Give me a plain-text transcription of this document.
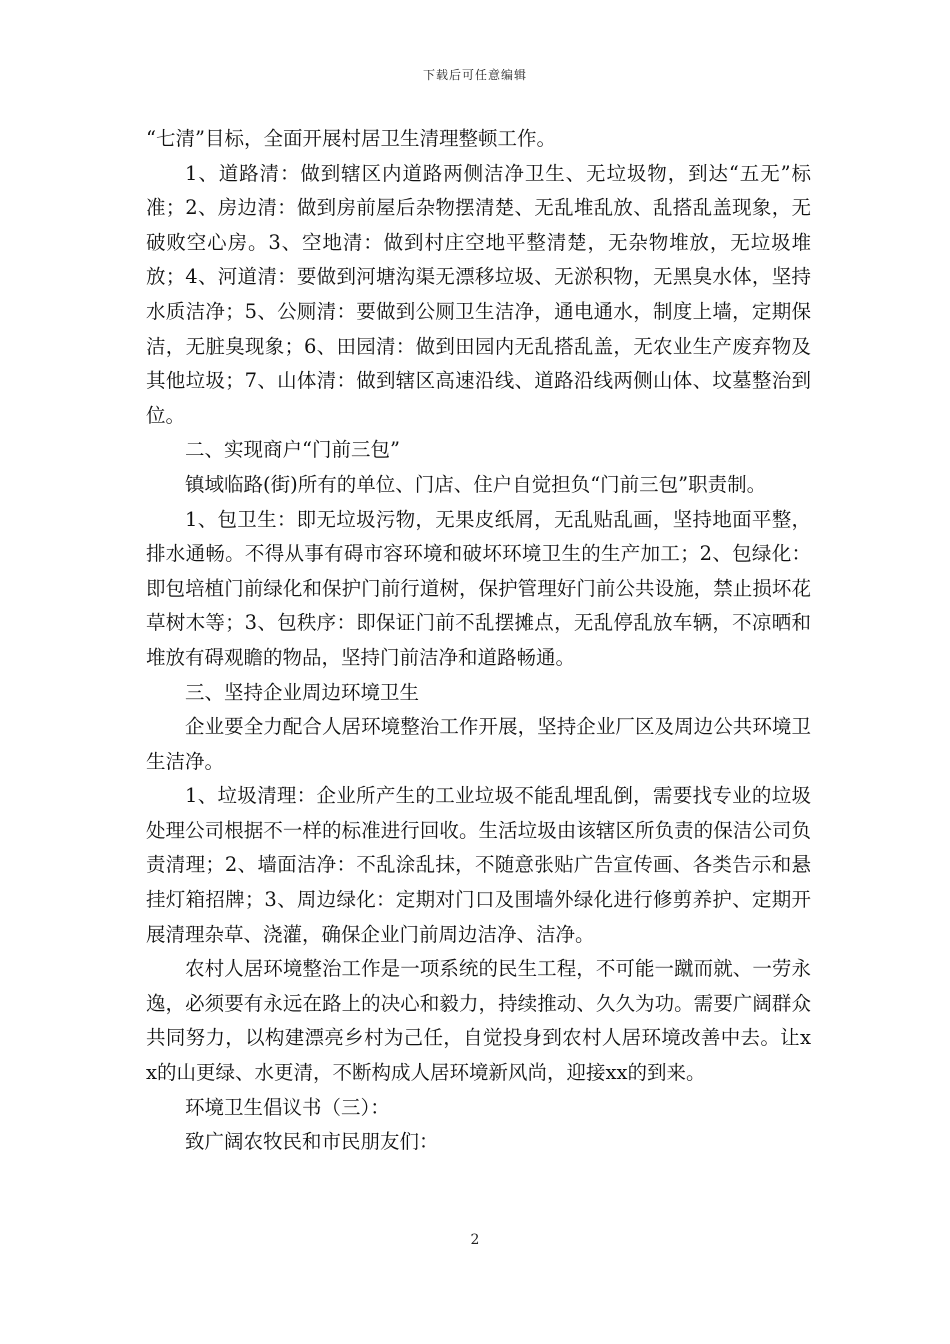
下载后可任意编辑

“七清”目标，全面开展村居卫生清理整顿工作。

1、道路清：做到辖区内道路两侧洁净卫生、无垃圾物，到达“五无”标准；2、房边清：做到房前屋后杂物摆清楚、无乱堆乱放、乱搭乱盖现象，无破败空心房。3、空地清：做到村庄空地平整清楚，无杂物堆放，无垃圾堆放；4、河道清：要做到河塘沟渠无漂移垃圾、无淤积物，无黑臭水体，坚持水质洁净；5、公厕清：要做到公厕卫生洁净，通电通水，制度上墙，定期保洁，无脏臭现象；6、田园清：做到田园内无乱搭乱盖，无农业生产废弃物及其他垃圾；7、山体清：做到辖区高速沿线、道路沿线两侧山体、坟墓整治到位。

二、实现商户“门前三包”

镇域临路(街)所有的单位、门店、住户自觉担负“门前三包”职责制。

1、包卫生：即无垃圾污物，无果皮纸屑，无乱贴乱画，坚持地面平整，排水通畅。不得从事有碍市容环境和破坏环境卫生的生产加工；2、包绿化：即包培植门前绿化和保护门前行道树，保护管理好门前公共设施，禁止损坏花草树木等；3、包秩序：即保证门前不乱摆摊点，无乱停乱放车辆，不凉晒和堆放有碍观瞻的物品，坚持门前洁净和道路畅通。

三、坚持企业周边环境卫生

企业要全力配合人居环境整治工作开展，坚持企业厂区及周边公共环境卫生洁净。

1、垃圾清理：企业所产生的工业垃圾不能乱埋乱倒，需要找专业的垃圾处理公司根据不一样的标准进行回收。生活垃圾由该辖区所负责的保洁公司负责清理；2、墙面洁净：不乱涂乱抹，不随意张贴广告宣传画、各类告示和悬挂灯箱招牌；3、周边绿化：定期对门口及围墙外绿化进行修剪养护、定期开展清理杂草、浇灌，确保企业门前周边洁净、洁净。

农村人居环境整治工作是一项系统的民生工程，不可能一蹴而就、一劳永逸，必须要有永远在路上的决心和毅力，持续推动、久久为功。需要广阔群众共同努力，以构建漂亮乡村为己任，自觉投身到农村人居环境改善中去。让xx的山更绿、水更清，不断构成人居环境新风尚，迎接xx的到来。

环境卫生倡议书（三）：

致广阔农牧民和市民朋友们：

2
